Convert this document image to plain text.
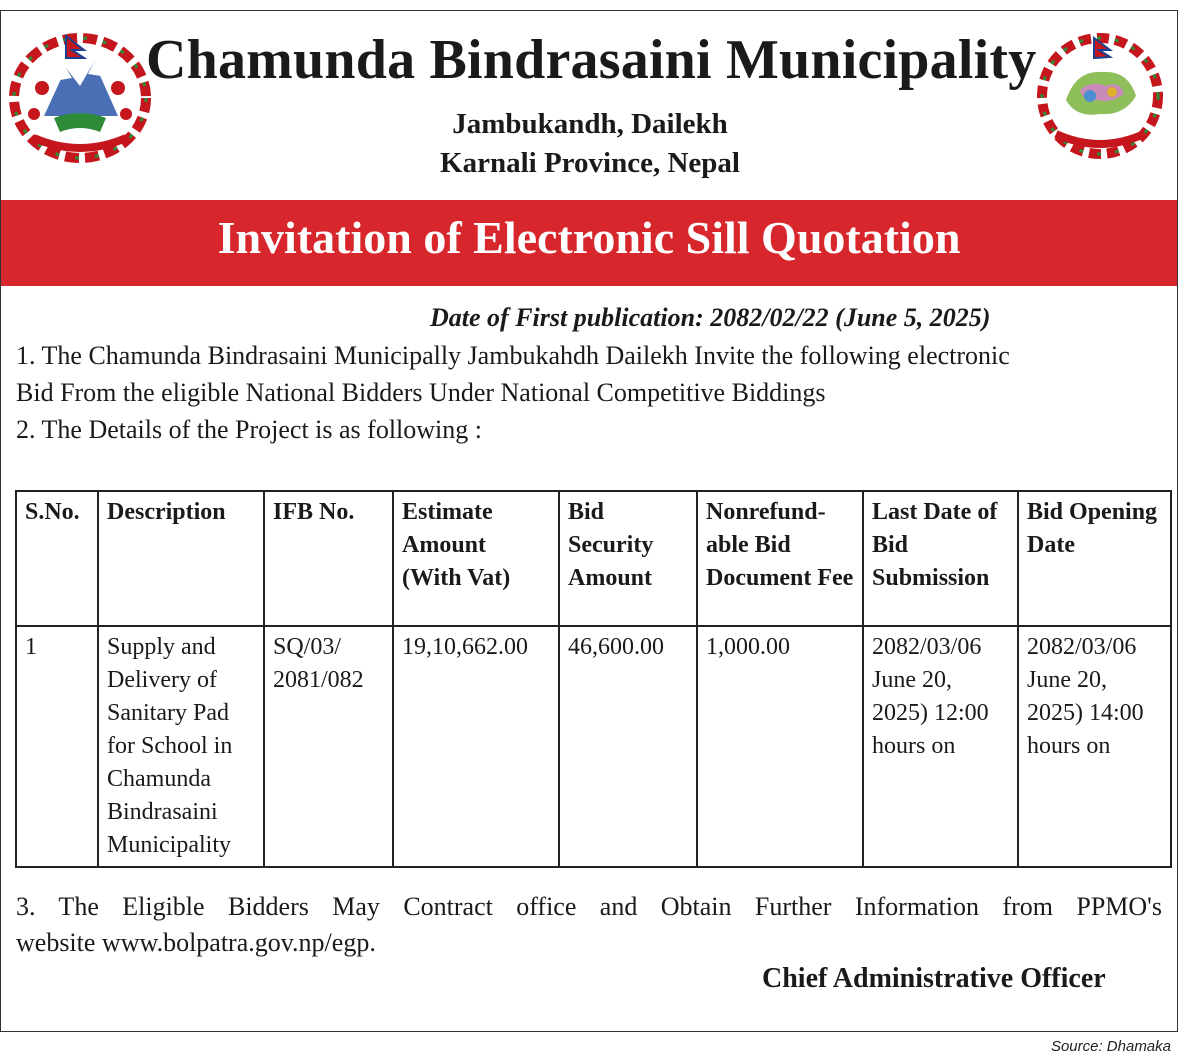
Chamunda Bindrasaini Municipality
Jambukandh, Dailekh
Karnali Province, Nepal
Invitation of Electronic Sill Quotation
Date of First publication: 2082/02/22 (June 5, 2025)
1. The Chamunda Bindrasaini Municipally Jambukahdh Dailekh Invite the following electronic
Bid From the eligible National Bidders Under National Competitive Biddings
2. The Details of the Project is as following :
S.No.	Description	IFB No.	Estimate Amount (With Vat)	Bid Security Amount	Nonrefund-able Bid Document Fee	Last Date of Bid Submission	Bid Opening Date
1	Supply and Delivery of Sanitary Pad for School in Chamunda Bindrasaini Municipality	SQ/03/ 2081/082	19,10,662.00	46,600.00	1,000.00	2082/03/06 June 20, 2025) 12:00 hours on	2082/03/06 June 20, 2025) 14:00 hours on
3. The Eligible Bidders May Contract office and Obtain Further Information from PPMO's
website www.bolpatra.gov.np/egp.
Chief Administrative Officer
Source: Dhamaka
